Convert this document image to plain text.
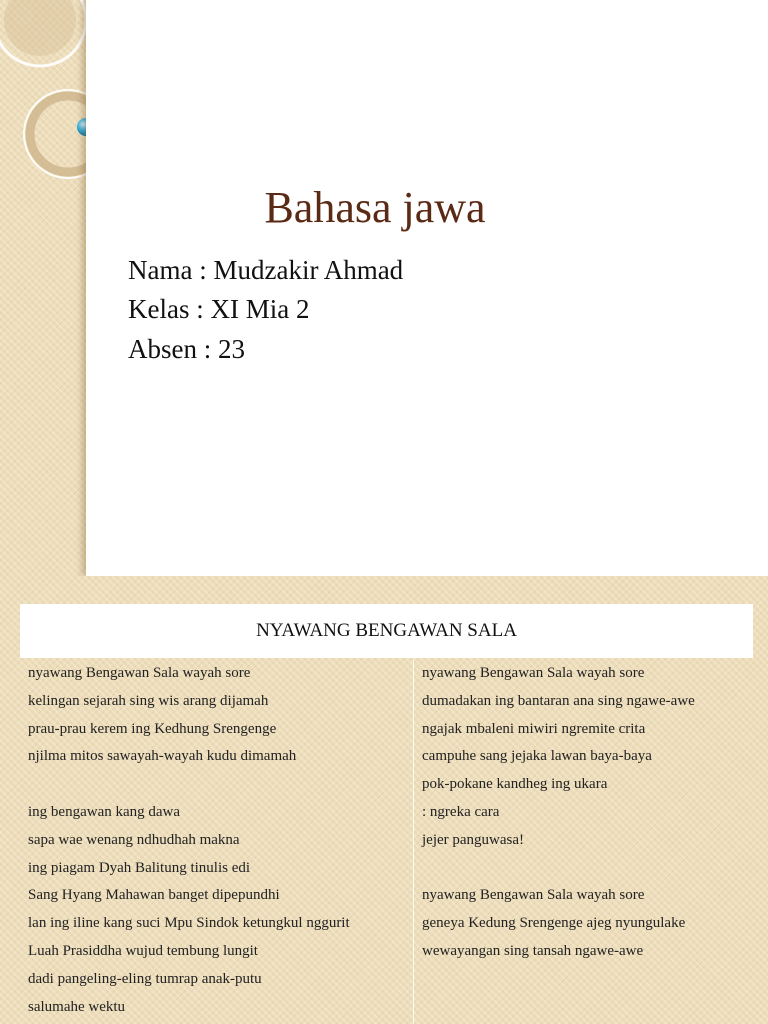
Bahasa jawa
Nama : Mudzakir Ahmad
Kelas : XI Mia 2
Absen : 23
NYAWANG BENGAWAN SALA
nyawang Bengawan Sala wayah sore
kelingan sejarah sing wis arang dijamah
prau-prau kerem ing Kedhung Srengenge
njilma mitos sawayah-wayah kudu dimamah
ing bengawan kang dawa
sapa wae wenang ndhudhah makna
ing piagam Dyah Balitung tinulis edi
Sang Hyang Mahawan banget dipepundhi
lan ing iline kang suci Mpu Sindok ketungkul nggurit
Luah Prasiddha wujud tembung lungit
dadi pangeling-eling tumrap anak-putu
salumahe wektu
nyawang Bengawan Sala wayah sore
dumadakan ing bantaran ana sing ngawe-awe
ngajak mbaleni miwiri ngremite crita
campuhe sang jejaka lawan baya-baya
pok-pokane kandheg ing ukara
: ngreka cara
jejer panguwasa!
nyawang Bengawan Sala wayah sore
geneya Kedung Srengenge ajeg nyungulake
wewayangan sing tansah ngawe-awe
